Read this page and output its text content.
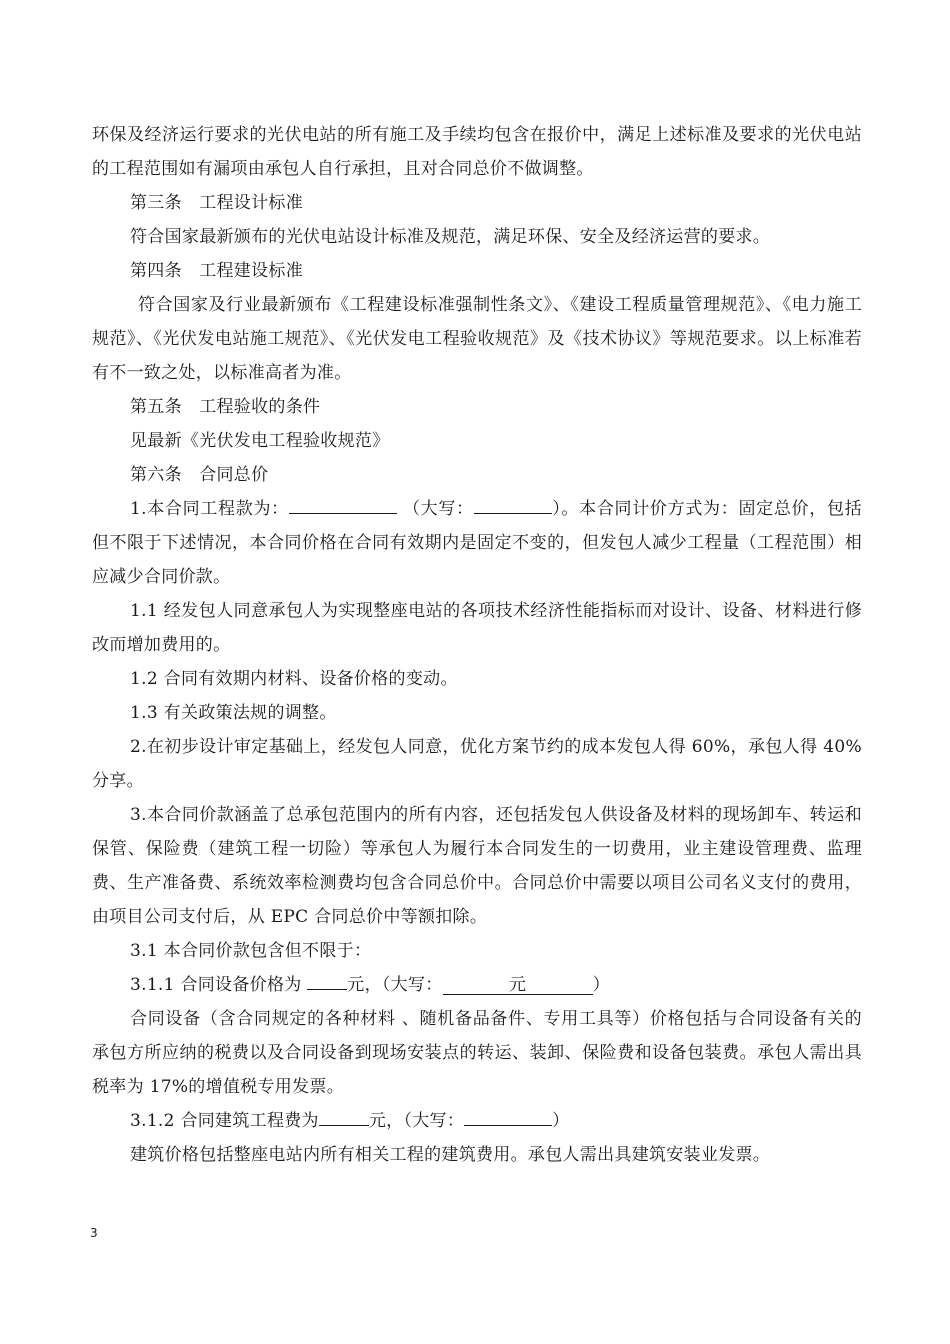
环保及经济运行要求的光伏电站的所有施工及手续均包含在报价中，满足上述标准及要求的光伏电站的工程范围如有漏项由承包人自行承担，且对合同总价不做调整。

第三条　工程设计标准

符合国家最新颁布的光伏电站设计标准及规范，满足环保、安全及经济运营的要求。

第四条　工程建设标准

符合国家及行业最新颁布《工程建设标准强制性条文》、《建设工程质量管理规范》、《电力施工规范》、《光伏发电站施工规范》、《光伏发电工程验收规范》及《技术协议》等规范要求。以上标准若有不一致之处，以标准高者为准。

第五条　工程验收的条件

见最新《光伏发电工程验收规范》

第六条　合同总价

1.本合同工程款为：	（大写：	）。本合同计价方式为：固定总价，包括但不限于下述情况，本合同价格在合同有效期内是固定不变的，但发包人减少工程量（工程范围）相应减少合同价款。

1.1 经发包人同意承包人为实现整座电站的各项技术经济性能指标而对设计、设备、材料进行修改而增加费用的。

1.2 合同有效期内材料、设备价格的变动。

1.3 有关政策法规的调整。

2.在初步设计审定基础上，经发包人同意，优化方案节约的成本发包人得 60%，承包人得 40%分享。

3.本合同价款涵盖了总承包范围内的所有内容，还包括发包人供设备及材料的现场卸车、转运和保管、保险费（建筑工程一切险）等承包人为履行本合同发生的一切费用，业主建设管理费、监理费、生产准备费、系统效率检测费均包含合同总价中。合同总价中需要以项目公司名义支付的费用，由项目公司支付后，从 EPC 合同总价中等额扣除。

3.1 本合同价款包含但不限于：

3.1.1 合同设备价格为	元，（大写：	元	）

合同设备（含合同规定的各种材料 、随机备品备件、专用工具等）价格包括与合同设备有关的承包方所应纳的税费以及合同设备到现场安装点的转运、装卸、保险费和设备包装费。承包人需出具税率为 17%的增值税专用发票。

3.1.2 合同建筑工程费为	元，（大写：	）

建筑价格包括整座电站内所有相关工程的建筑费用。承包人需出具建筑安装业发票。

3
